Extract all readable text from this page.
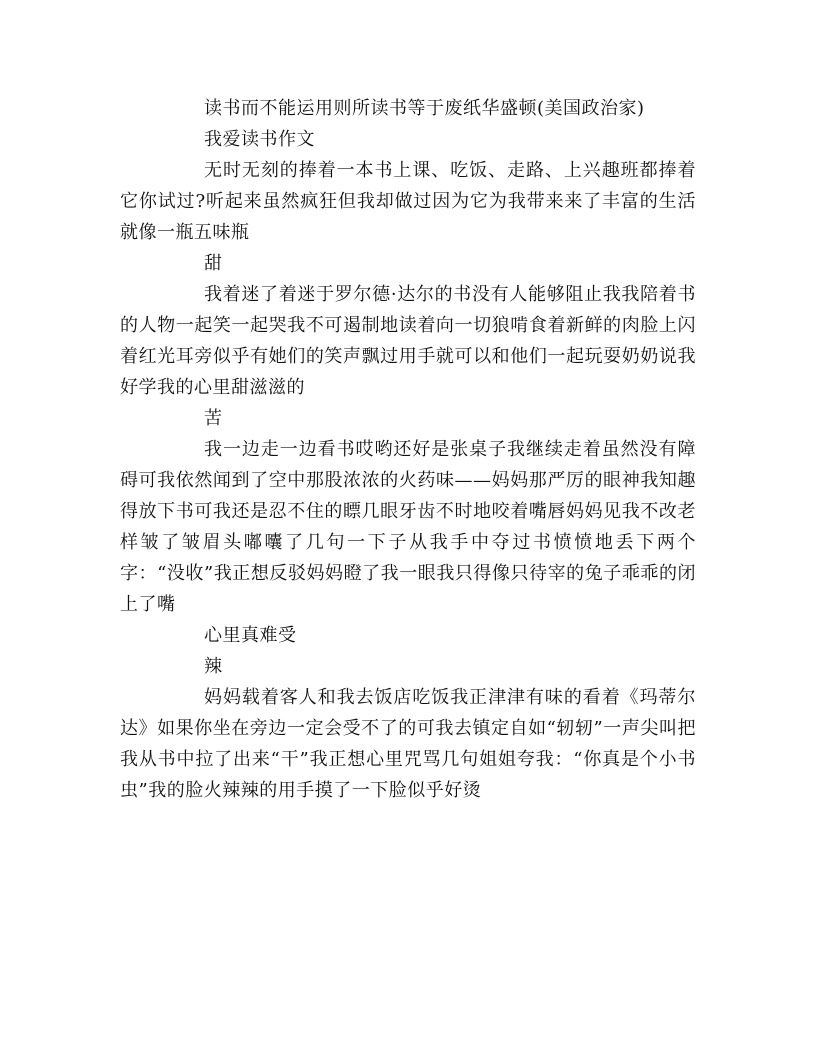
读书而不能运用则所读书等于废纸华盛顿(美国政治家)

我爱读书作文

无时无刻的捧着一本书上课、吃饭、走路、上兴趣班都捧着它你试过?听起来虽然疯狂但我却做过因为它为我带来来了丰富的生活就像一瓶五味瓶

甜

我着迷了着迷于罗尔德·达尔的书没有人能够阻止我我陪着书的人物一起笑一起哭我不可遏制地读着向一切狼啃食着新鲜的肉脸上闪着红光耳旁似乎有她们的笑声飘过用手就可以和他们一起玩耍奶奶说我好学我的心里甜滋滋的

苦

我一边走一边看书哎哟还好是张桌子我继续走着虽然没有障碍可我依然闻到了空中那股浓浓的火药味——妈妈那严厉的眼神我知趣得放下书可我还是忍不住的瞟几眼牙齿不时地咬着嘴唇妈妈见我不改老样皱了皱眉头嘟囔了几句一下子从我手中夺过书愤愤地丢下两个字：“没收”我正想反驳妈妈瞪了我一眼我只得像只待宰的兔子乖乖的闭上了嘴

心里真难受

辣

妈妈载着客人和我去饭店吃饭我正津津有味的看着《玛蒂尔达》如果你坐在旁边一定会受不了的可我去镇定自如“轫轫”一声尖叫把我从书中拉了出来“干”我正想心里咒骂几句姐姐夸我：“你真是个小书虫”我的脸火辣辣的用手摸了一下脸似乎好烫
